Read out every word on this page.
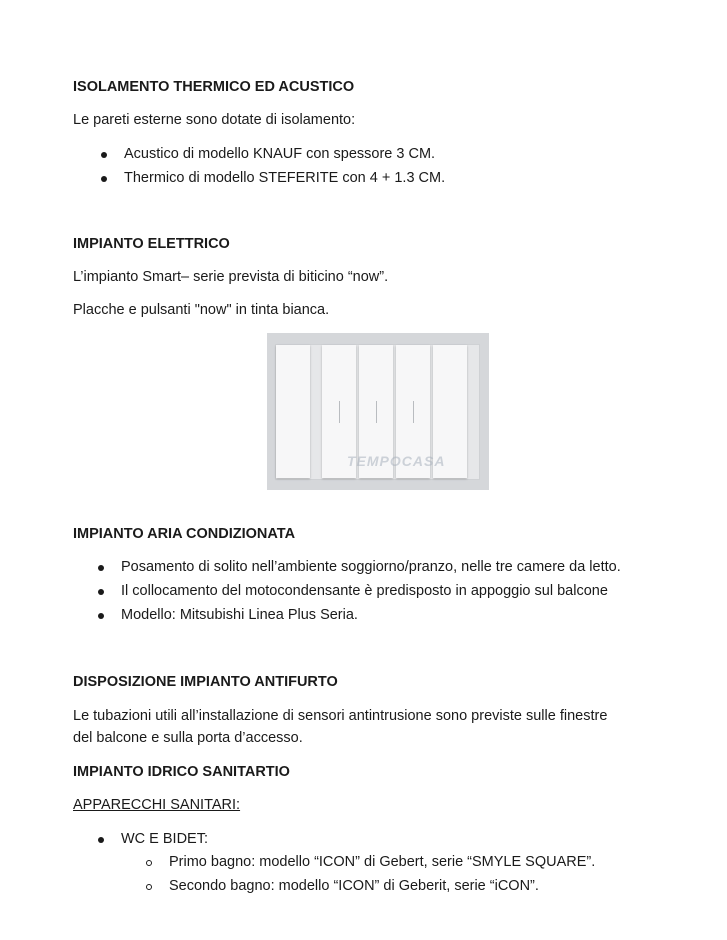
ISOLAMENTO THERMICO ED ACUSTICO
Le pareti esterne sono dotate di isolamento:
Acustico di modello KNAUF con spessore 3 CM.
Thermico di modello STEFERITE con 4 + 1.3 CM.
IMPIANTO ELETTRICO
L’impianto Smart– serie prevista di biticino “now”.
Placche e pulsanti "now" in tinta bianca.
TEMPOCASA
IMPIANTO ARIA CONDIZIONATA
Posamento di solito nell’ambiente soggiorno/pranzo, nelle tre camere da letto.
Il collocamento del motocondensante è predisposto in appoggio sul balcone
Modello: Mitsubishi Linea Plus Seria.
DISPOSIZIONE IMPIANTO ANTIFURTO
Le tubazioni utili all’installazione di sensori antintrusione sono previste sulle finestre
del balcone e sulla porta d’accesso.
IMPIANTO IDRICO SANITARTIO
APPARECCHI SANITARI:
WC E BIDET:
Primo bagno: modello “ICON” di Gebert, serie “SMYLE SQUARE”.
Secondo bagno: modello “ICON” di Geberit, serie “iCON”.
